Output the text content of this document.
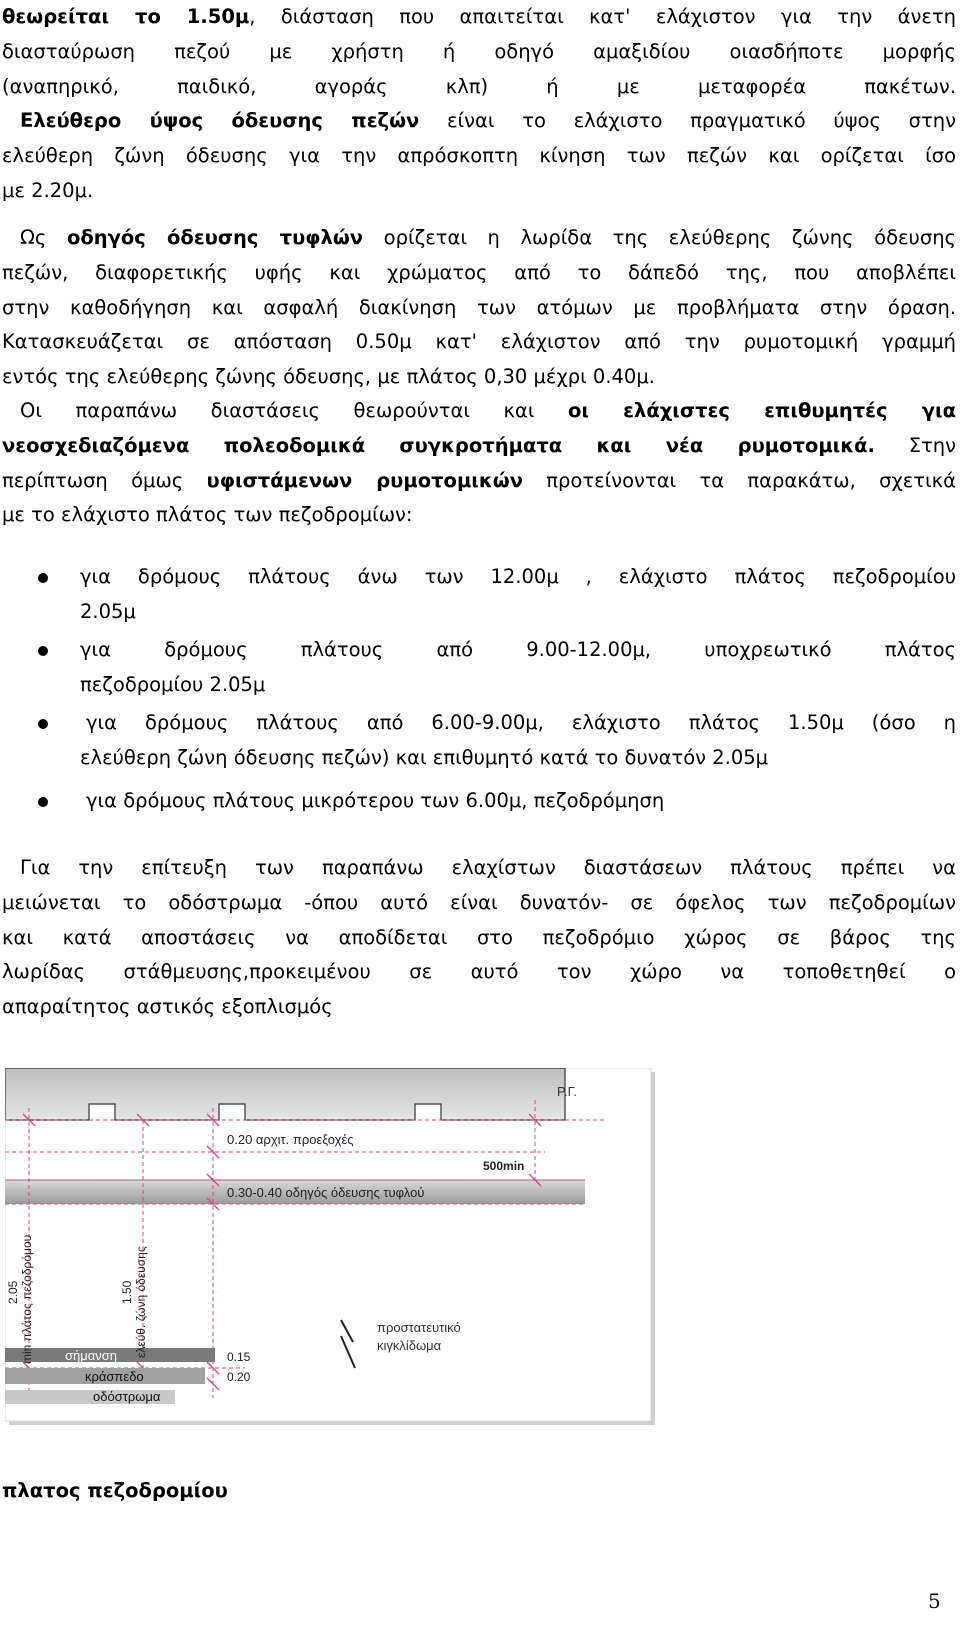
θεωρείται το 1.50μ, διάσταση που απαιτείται κατ' ελάχιστον για την άνετη
διασταύρωση πεζού με χρήστη ή οδηγό αμαξιδίου οιασδήποτε μορφής
(αναπηρικό, παιδικό, αγοράς κλπ) ή με μεταφορέα πακέτων.
Ελεύθερο ύψος όδευσης πεζών είναι το ελάχιστο πραγματικό ύψος στην
ελεύθερη ζώνη όδευσης για την απρόσκοπτη κίνηση των πεζών και ορίζεται ίσο
με 2.20μ.
Ως οδηγός όδευσης τυφλών ορίζεται η λωρίδα της ελεύθερης ζώνης όδευσης
πεζών, διαφορετικής υφής και χρώματος από το δάπεδό της, που αποβλέπει
στην καθοδήγηση και ασφαλή διακίνηση των ατόμων με προβλήματα στην όραση.
Κατασκευάζεται σε απόσταση 0.50μ κατ' ελάχιστον από την ρυμοτομική γραμμή
εντός της ελεύθερης ζώνης όδευσης, με πλάτος 0,30 μέχρι 0.40μ.
Οι παραπάνω διαστάσεις θεωρούνται και οι ελάχιστες επιθυμητές για
νεοσχεδιαζόμενα πολεοδομικά συγκροτήματα και νέα ρυμοτομικά. Στην
περίπτωση όμως υφιστάμενων ρυμοτομικών προτείνονται τα παρακάτω, σχετικά
με το ελάχιστο πλάτος των πεζοδρομίων:
για δρόμους πλάτους άνω των 12.00μ , ελάχιστο πλάτος πεζοδρομίου
2.05μ
για δρόμους πλάτους από 9.00-12.00μ, υποχρεωτικό πλάτος
πεζοδρομίου 2.05μ
για δρόμους πλάτους από 6.00-9.00μ, ελάχιστο πλάτος 1.50μ (όσο η
ελεύθερη ζώνη όδευσης πεζών) και επιθυμητό κατά το δυνατόν 2.05μ
για δρόμους πλάτους μικρότερου των 6.00μ, πεζοδρόμηση
Για την επίτευξη των παραπάνω ελαχίστων διαστάσεων πλάτους πρέπει να
μειώνεται το οδόστρωμα -όπου αυτό είναι δυνατόν- σε όφελος των πεζοδρομίων
και κατά αποστάσεις να αποδίδεται στο πεζοδρόμιο χώρος σε βάρος της
λωρίδας στάθμευσης,προκειμένου σε αυτό τον χώρο να τοποθετηθεί ο
απαραίτητος αστικός εξοπλισμός
Ρ.Γ.
0.20 αρχιτ. προεξοχές
500min
0.30-0.40 οδηγός όδευσης τυφλού
προστατευτικό
κιγκλίδωμα
σήμανση
κράσπεδο
οδόστρωμα
0.15
0.20
2.05 min πλάτος πεζοδρόμου	1.50 ελεύθ. ζώνη όδευσης
πλατος πεζοδρομίου
5
